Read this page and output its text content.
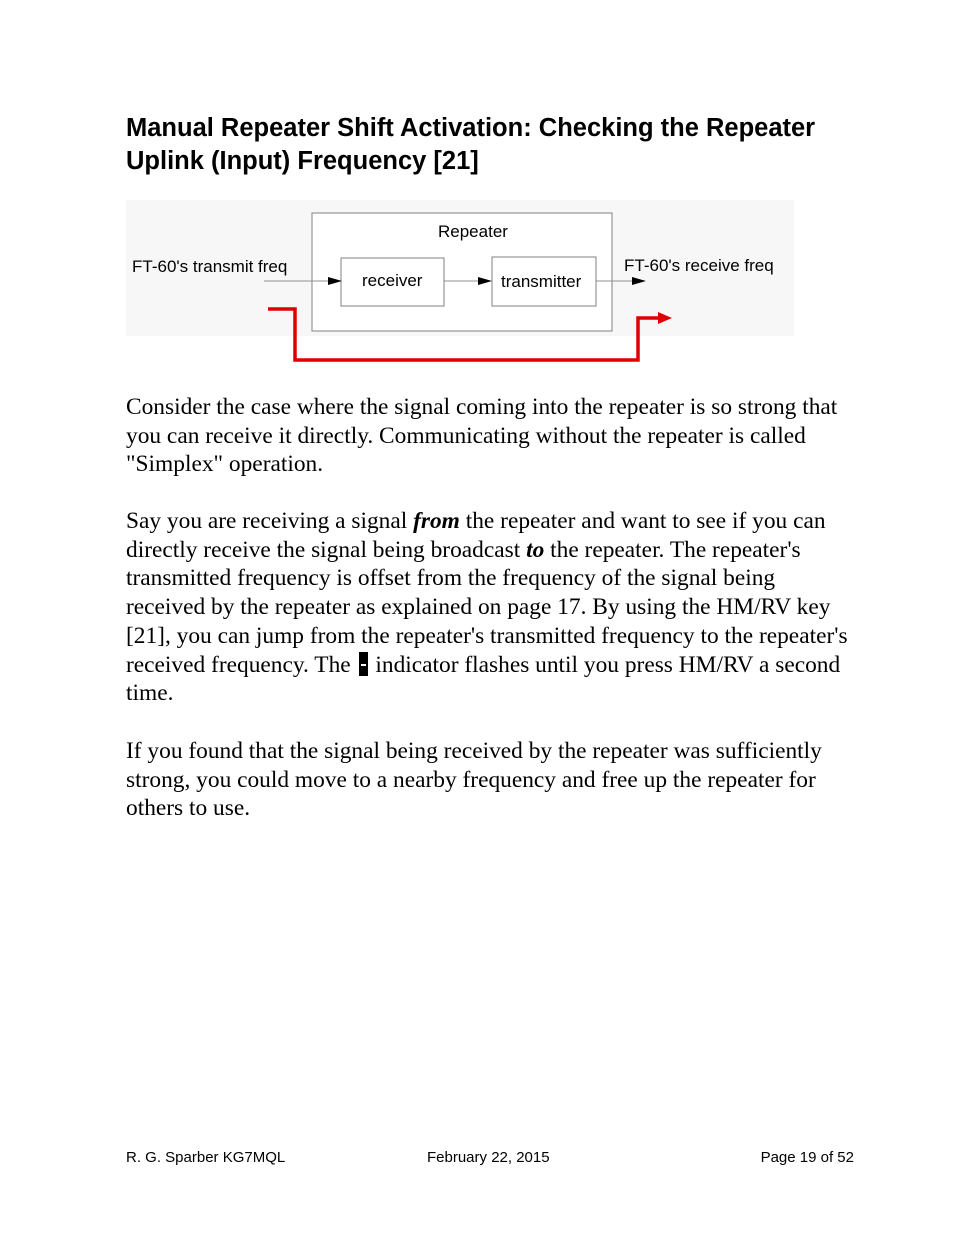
Manual Repeater Shift Activation: Checking the Repeater Uplink (Input) Frequency [21]
Repeater
receiver	transmitter
FT-60's transmit freq	FT-60's receive freq

Consider the case where the signal coming into the repeater is so strong that you can receive it directly. Communicating without the repeater is called "Simplex" operation.

Say you are receiving a signal from the repeater and want to see if you can directly receive the signal being broadcast to the repeater. The repeater's transmitted frequency is offset from the frequency of the signal being received by the repeater as explained on page 17. By using the HM/RV key [21], you can jump from the repeater's transmitted frequency to the repeater's received frequency. The  indicator flashes until you press HM/RV a second time.

If you found that the signal being received by the repeater was sufficiently strong, you could move to a nearby frequency and free up the repeater for others to use.

R. G. Sparber KG7MQL	February 22, 2015	Page 19 of 52
